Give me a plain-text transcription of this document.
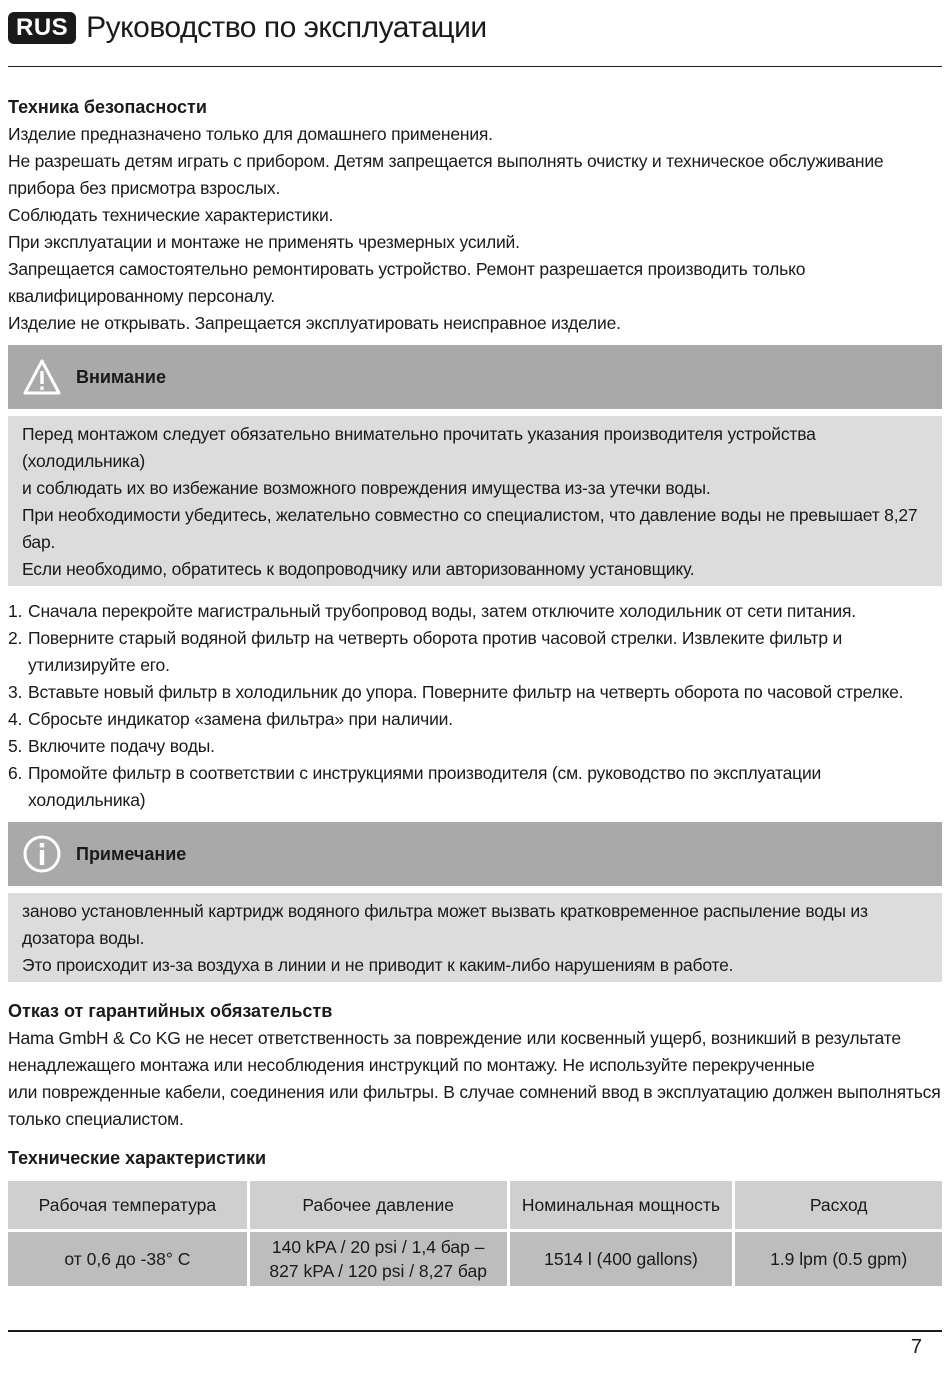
RUS Руководство по эксплуатации
Техника безопасности
Изделие предназначено только для домашнего применения.
Не разрешать детям играть с прибором. Детям запрещается выполнять очистку и техническое обслуживание прибора без присмотра взрослых.
Соблюдать технические характеристики.
При эксплуатации и монтаже не применять чрезмерных усилий.
Запрещается самостоятельно ремонтировать устройство. Ремонт разрешается производить только квалифицированному персоналу.
Изделие не открывать. Запрещается эксплуатировать неисправное изделие.
Внимание
Перед монтажом следует обязательно внимательно прочитать указания производителя устройства (холодильника)
и соблюдать их во избежание возможного повреждения имущества из-за утечки воды.
При необходимости убедитесь, желательно совместно со специалистом, что давление воды не превышает 8,27 бар.
Если необходимо, обратитесь к водопроводчику или авторизованному установщику.
1. Сначала перекройте магистральный трубопровод воды, затем отключите холодильник от сети питания.
2. Поверните старый водяной фильтр на четверть оборота против часовой стрелки. Извлеките фильтр и утилизируйте его.
3. Вставьте новый фильтр в холодильник до упора. Поверните фильтр на четверть оборота по часовой стрелке.
4. Сбросьте индикатор «замена фильтра» при наличии.
5. Включите подачу воды.
6. Промойте фильтр в соответствии с инструкциями производителя (см. руководство по эксплуатации холодильника)
Примечание
заново установленный картридж водяного фильтра может вызвать кратковременное распыление воды из дозатора воды.
Это происходит из-за воздуха в линии и не приводит к каким-либо нарушениям в работе.
Отказ от гарантийных обязательств
Hama GmbH & Co KG не несет ответственность за повреждение или косвенный ущерб, возникший в результате ненадлежащего монтажа или несоблюдения инструкций по монтажу. Не используйте перекрученные
или поврежденные кабели, соединения или фильтры. В случае сомнений ввод в эксплуатацию должен выполняться только специалистом.
Технические характеристики
Рабочая температура	Рабочее давление	Номинальная мощность	Расход
от 0,6 до -38° C	140 kPA / 20 psi / 1,4 бар – 827 kPA / 120 psi / 8,27 бар	1514 l (400 gallons)	1.9 lpm (0.5 gpm)
7
